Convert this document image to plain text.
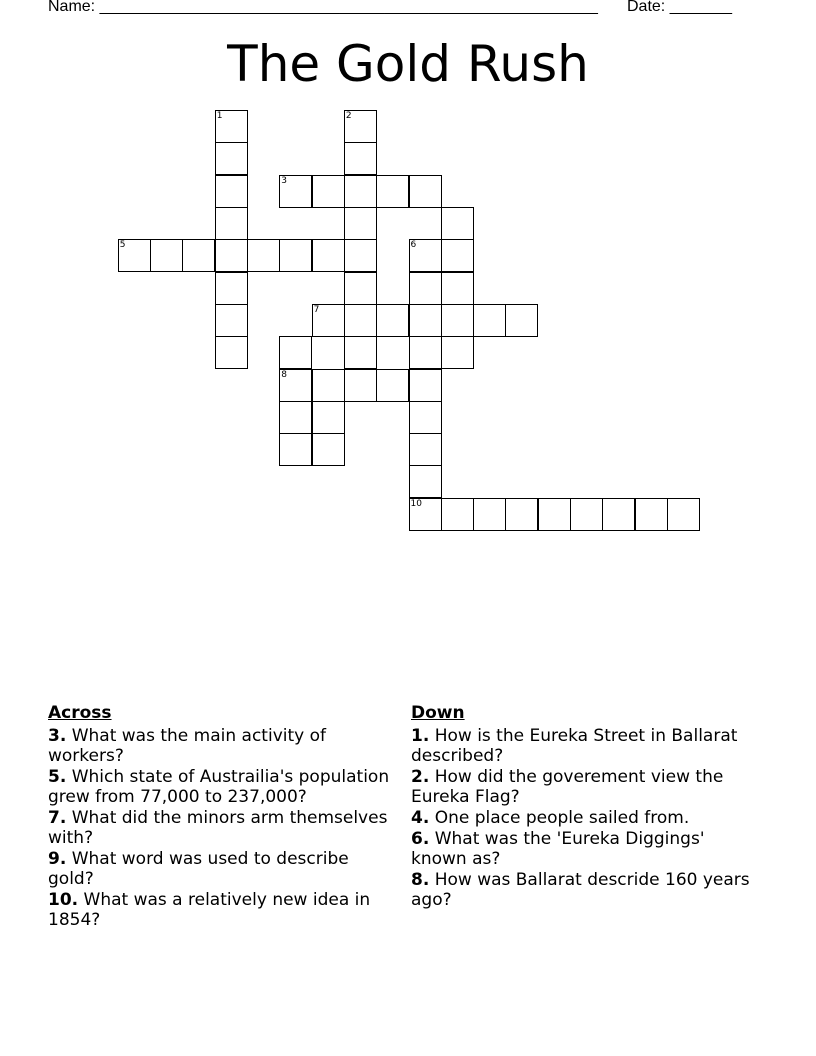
Name: ________________________________________________________ Date: _______
The Gold Rush
1	2
3
5	6
7
8
10
Across
3. What was the main activity of workers?
5. Which state of Austrailia's population grew from 77,000 to 237,000?
7. What did the minors arm themselves with?
9. What word was used to describe gold?
10. What was a relatively new idea in 1854?
Down
1. How is the Eureka Street in Ballarat described?
2. How did the goverement view the Eureka Flag?
4. One place people sailed from.
6. What was the 'Eureka Diggings' known as?
8. How was Ballarat descride 160 years ago?
